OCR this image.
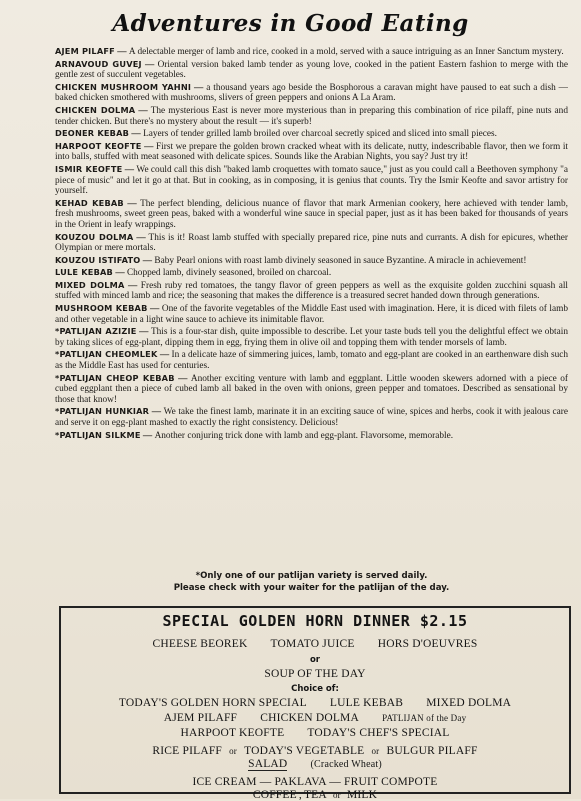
Adventures in Good Eating

AJEM PILAFF — A delectable merger of lamb and rice, cooked in a mold, served with a sauce intriguing as an Inner Sanctum mystery.

ARNAVOUD GUVEJ — Oriental version baked lamb tender as young love, cooked in the patient Eastern fashion to merge with the gentle zest of succulent vegetables.

CHICKEN MUSHROOM YAHNI — a thousand years ago beside the Bosphorous a caravan might have paused to eat such a dish — baked chicken smothered with mushrooms, slivers of green peppers and onions A La Aram.

CHICKEN DOLMA — The mysterious East is never more mysterious than in preparing this combination of rice pilaff, pine nuts and tender chicken. But there's no mystery about the result — it's superb!

DEONER KEBAB — Layers of tender grilled lamb broiled over charcoal secretly spiced and sliced into small pieces.

HARPOOT KEOFTE — First we prepare the golden brown cracked wheat with its delicate, nutty, indescribable flavor, then we form it into balls, stuffed with meat seasoned with delicate spices. Sounds like the Arabian Nights, you say? Just try it!

ISMIR KEOFTE — We could call this dish "baked lamb croquettes with tomato sauce," just as you could call a Beethoven symphony "a piece of music" and let it go at that. But in cooking, as in composing, it is genius that counts. Try the Ismir Keofte and savor artistry for yourself.

KEHAD KEBAB — The perfect blending, delicious nuance of flavor that mark Armenian cookery, here achieved with tender lamb, fresh mushrooms, sweet green peas, baked with a wonderful wine sauce in special paper, just as it has been baked for thousands of years in the Orient in leafy wrappings.

KOUZOU DOLMA — This is it! Roast lamb stuffed with specially prepared rice, pine nuts and currants. A dish for epicures, whether Olympian or mere mortals.

KOUZOU ISTIFATO — Baby Pearl onions with roast lamb divinely seasoned in sauce Byzantine. A miracle in achievement!

LULE KEBAB — Chopped lamb, divinely seasoned, broiled on charcoal.

MIXED DOLMA — Fresh ruby red tomatoes, the tangy flavor of green peppers as well as the exquisite golden zucchini squash all stuffed with minced lamb and rice; the seasoning that makes the difference is a treasured secret handed down through generations.

MUSHROOM KEBAB — One of the favorite vegetables of the Middle East used with imagination. Here, it is diced with filets of lamb and other vegetable in a light wine sauce to achieve its inimitable flavor.

*PATLIJAN AZIZIE — This is a four-star dish, quite impossible to describe. Let your taste buds tell you the delightful effect we obtain by taking slices of egg-plant, dipping them in egg, frying them in olive oil and topping them with tender morsels of lamb.

*PATLIJAN CHEOMLEK — In a delicate haze of simmering juices, lamb, tomato and egg-plant are cooked in an earthenware dish such as the Middle East has used for centuries.

*PATLIJAN CHEOP KEBAB — Another exciting venture with lamb and eggplant. Little wooden skewers adorned with a piece of cubed eggplant then a piece of cubed lamb all baked in the oven with onions, green pepper and tomatoes. Described as sensational by those that know!

*PATLIJAN HUNKIAR — We take the finest lamb, marinate it in an exciting sauce of wine, spices and herbs, cook it with jealous care and serve it on egg-plant mashed to exactly the right consistency. Delicious!

*PATLIJAN SILKME — Another conjuring trick done with lamb and egg-plant. Flavorsome, memorable.

*Only one of our patlijan variety is served daily.
Please check with your waiter for the patlijan of the day.
SPECIAL GOLDEN HORN DINNER $2.15
CHEESE BEOREK TOMATO JUICE HORS D'OEUVRES
or
SOUP OF THE DAY
Choice of:
TODAY'S GOLDEN HORN SPECIAL LULE KEBAB MIXED DOLMA
AJEM PILAFF CHICKEN DOLMA	PATLIJAN of the Day
HARPOOT KEOFTE TODAY'S CHEF'S SPECIAL
RICE PILAFF or TODAY'S VEGETABLE or BULGUR PILAFF
SALAD (Cracked Wheat)
ICE CREAM — PAKLAVA — FRUIT COMPOTE
COFFEE , TEA or MILK
